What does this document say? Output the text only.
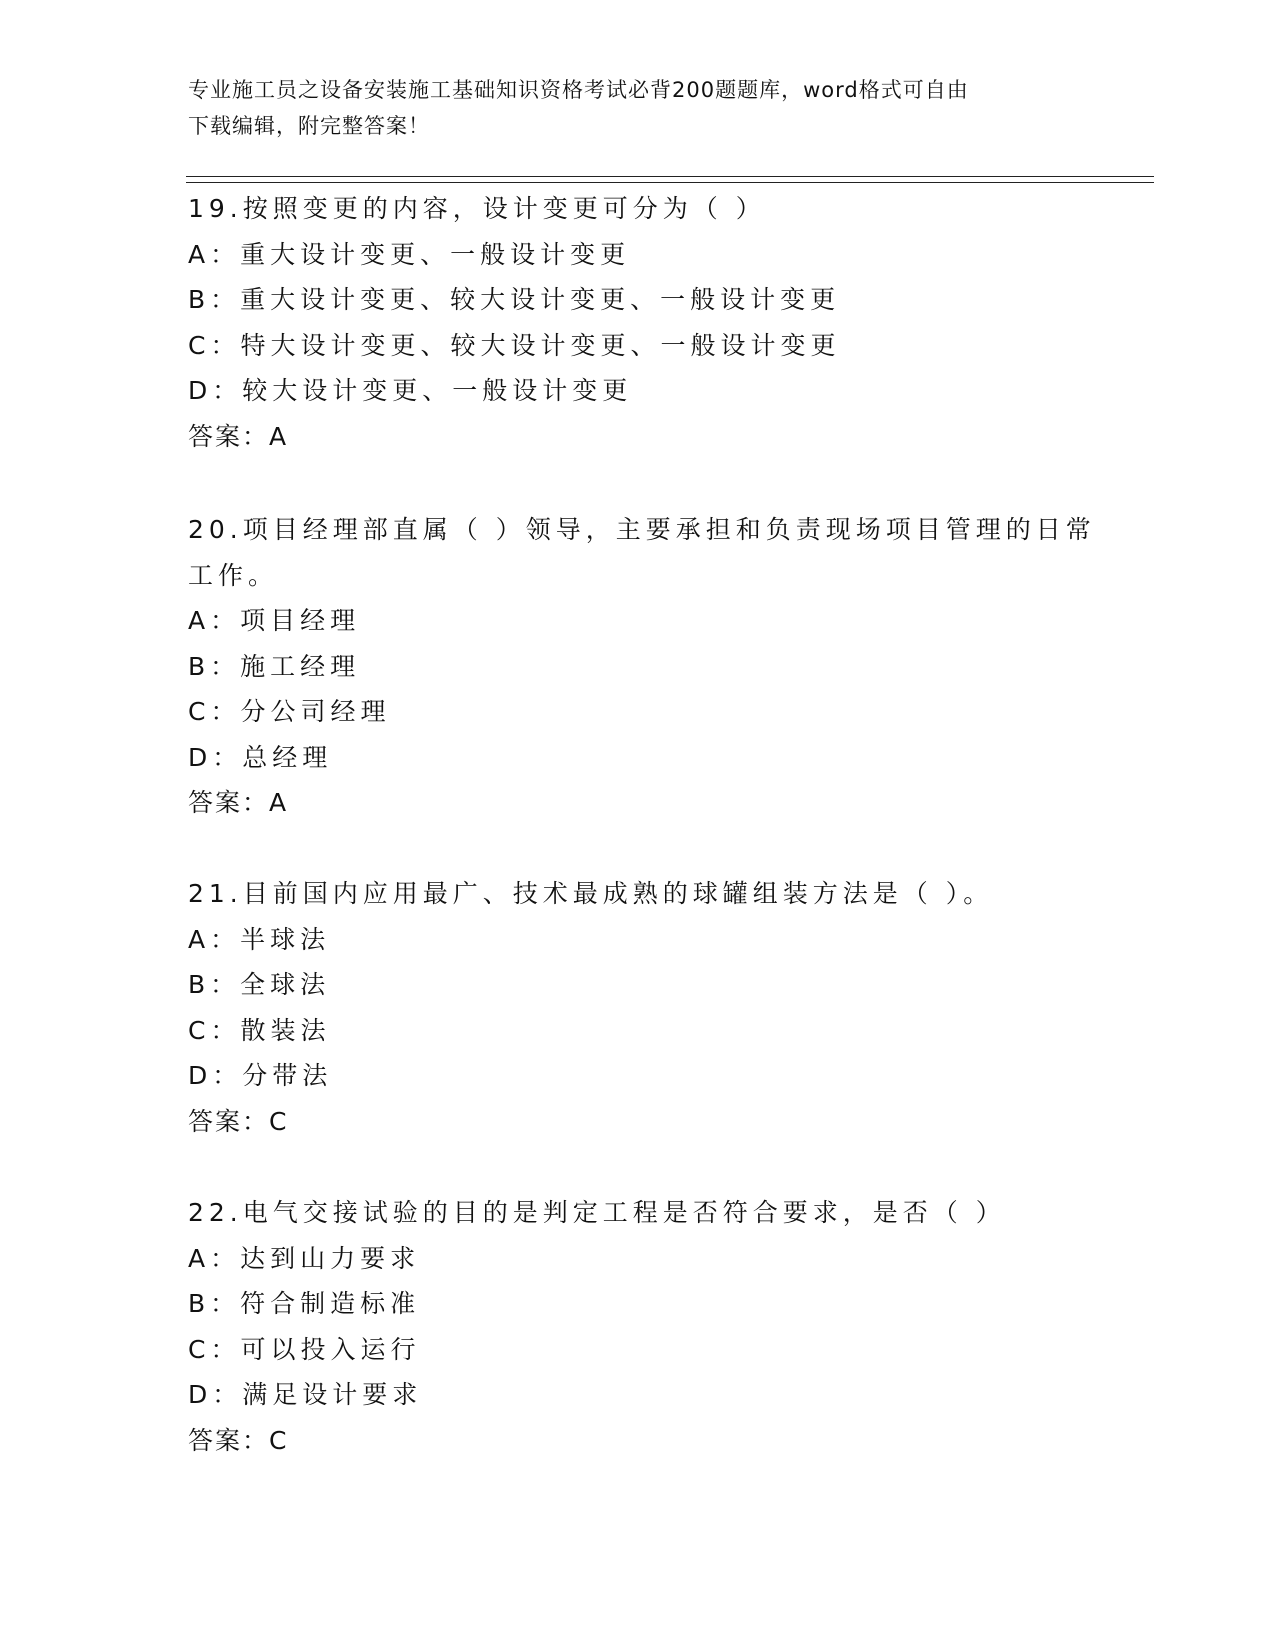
专业施工员之设备安装施工基础知识资格考试必背200题题库，word格式可自由
下载编辑，附完整答案！
19.按照变更的内容，设计变更可分为（ ）
A：重大设计变更、一般设计变更
B：重大设计变更、较大设计变更、一般设计变更
C：特大设计变更、较大设计变更、一般设计变更
D：较大设计变更、一般设计变更
答案：A
20.项目经理部直属（ ）领导，主要承担和负责现场项目管理的日常
工作。
A：项目经理
B：施工经理
C：分公司经理
D：总经理
答案：A
21.目前国内应用最广、技术最成熟的球罐组装方法是（ ）。
A：半球法
B：全球法
C：散装法
D：分带法
答案：C
22.电气交接试验的目的是判定工程是否符合要求，是否（ ）
A：达到山力要求
B：符合制造标准
C：可以投入运行
D：满足设计要求
答案：C
